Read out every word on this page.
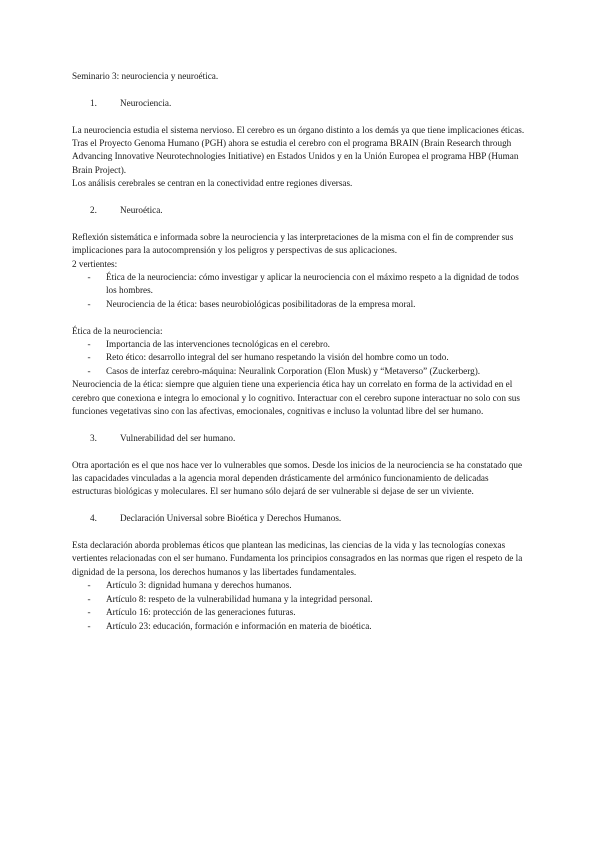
Seminario 3: neurociencia y neuroética.

1.	Neurociencia.

La neurociencia estudia el sistema nervioso. El cerebro es un órgano distinto a los demás ya que tiene implicaciones éticas. Tras el Proyecto Genoma Humano (PGH) ahora se estudia el cerebro con el programa BRAIN (Brain Research through Advancing Innovative Neurotechnologies Initiative) en Estados Unidos y en la Unión Europea el programa HBP (Human Brain Project).

Los análisis cerebrales se centran en la conectividad entre regiones diversas.

2.	Neuroética.

Reflexión sistemática e informada sobre la neurociencia y las interpretaciones de la misma con el fin de comprender sus implicaciones para la autocomprensión y los peligros y perspectivas de sus aplicaciones.

2 vertientes:

-	Ética de la neurociencia: cómo investigar y aplicar la neurociencia con el máximo respeto a la dignidad de todos los hombres.
-	Neurociencia de la ética: bases neurobiológicas posibilitadoras de la empresa moral.

Ética de la neurociencia:

-	Importancia de las intervenciones tecnológicas en el cerebro.
-	Reto ético: desarrollo integral del ser humano respetando la visión del hombre como un todo.
-	Casos de interfaz cerebro-máquina: Neuralink Corporation (Elon Musk) y “Metaverso” (Zuckerberg).

Neurociencia de la ética: siempre que alguien tiene una experiencia ética hay un correlato en forma de la actividad en el cerebro que conexiona e integra lo emocional y lo cognitivo. Interactuar con el cerebro supone interactuar no solo con sus funciones vegetativas sino con las afectivas, emocionales, cognitivas e incluso la voluntad libre del ser humano.

3.	Vulnerabilidad del ser humano.

Otra aportación es el que nos hace ver lo vulnerables que somos. Desde los inicios de la neurociencia se ha constatado que las capacidades vinculadas a la agencia moral dependen drásticamente del armónico funcionamiento de delicadas estructuras biológicas y moleculares. El ser humano sólo dejará de ser vulnerable si dejase de ser un viviente.

4.	Declaración Universal sobre Bioética y Derechos Humanos.

Esta declaración aborda problemas éticos que plantean las medicinas, las ciencias de la vida y las tecnologías conexas vertientes relacionadas con el ser humano. Fundamenta los principios consagrados en las normas que rigen el respeto de la dignidad de la persona, los derechos humanos y las libertades fundamentales.

-	Artículo 3: dignidad humana y derechos humanos.
-	Artículo 8: respeto de la vulnerabilidad humana y la integridad personal.
-	Artículo 16: protección de las generaciones futuras.
-	Artículo 23: educación, formación e información en materia de bioética.
